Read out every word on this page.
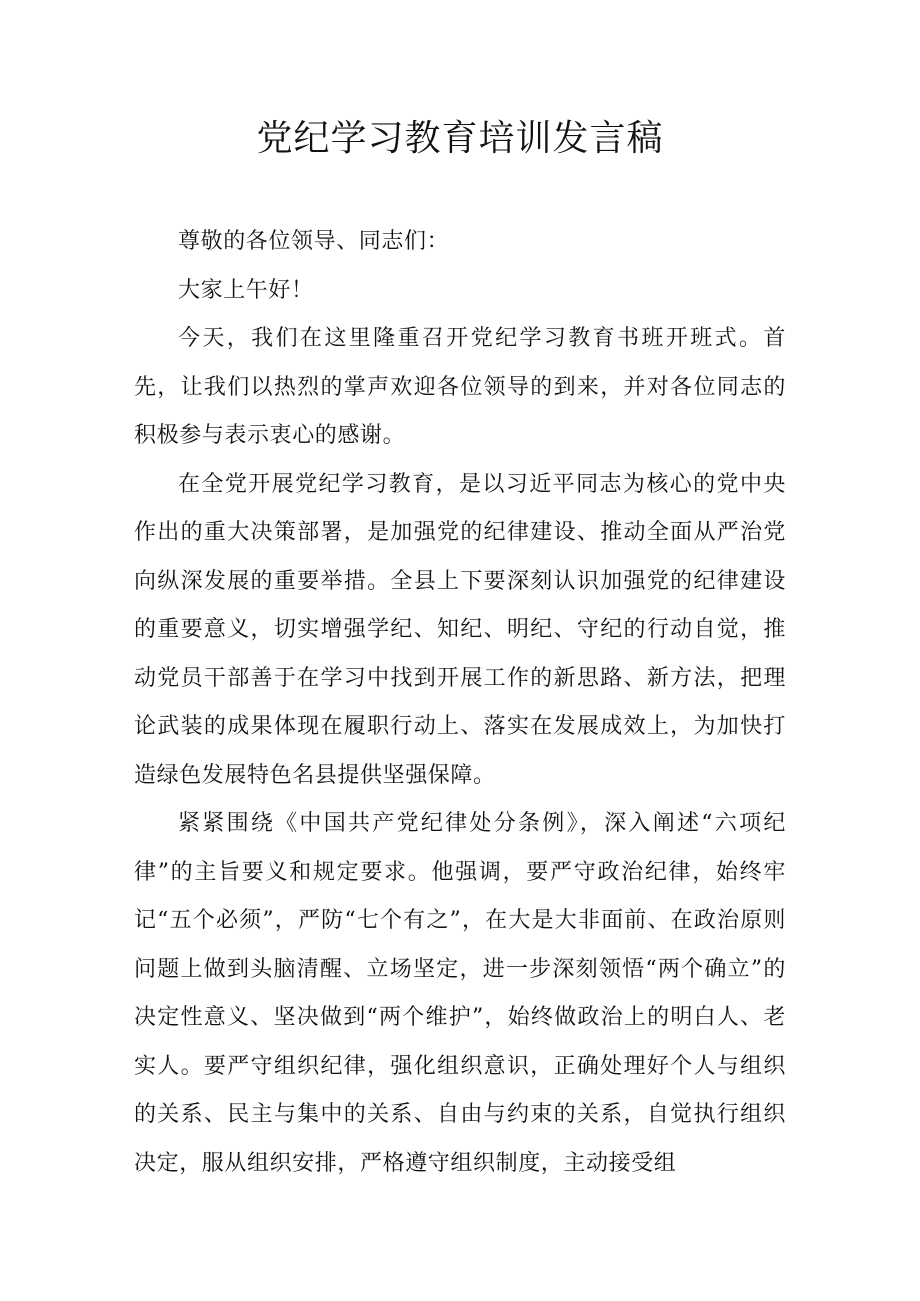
党纪学习教育培训发言稿

尊敬的各位领导、同志们：

大家上午好！

今天，我们在这里隆重召开党纪学习教育书班开班式。首先，让我们以热烈的掌声欢迎各位领导的到来，并对各位同志的积极参与表示衷心的感谢。

在全党开展党纪学习教育，是以习近平同志为核心的党中央作出的重大决策部署，是加强党的纪律建设、推动全面从严治党向纵深发展的重要举措。全县上下要深刻认识加强党的纪律建设的重要意义，切实增强学纪、知纪、明纪、守纪的行动自觉，推动党员干部善于在学习中找到开展工作的新思路、新方法，把理论武装的成果体现在履职行动上、落实在发展成效上，为加快打造绿色发展特色名县提供坚强保障。

紧紧围绕《中国共产党纪律处分条例》，深入阐述“六项纪律”的主旨要义和规定要求。他强调，要严守政治纪律，始终牢记“五个必须”，严防“七个有之”，在大是大非面前、在政治原则问题上做到头脑清醒、立场坚定，进一步深刻领悟“两个确立”的决定性意义、坚决做到“两个维护”，始终做政治上的明白人、老实人。要严守组织纪律，强化组织意识，正确处理好个人与组织的关系、民主与集中的关系、自由与约束的关系，自觉执行组织决定，服从组织安排，严格遵守组织制度，主动接受组
